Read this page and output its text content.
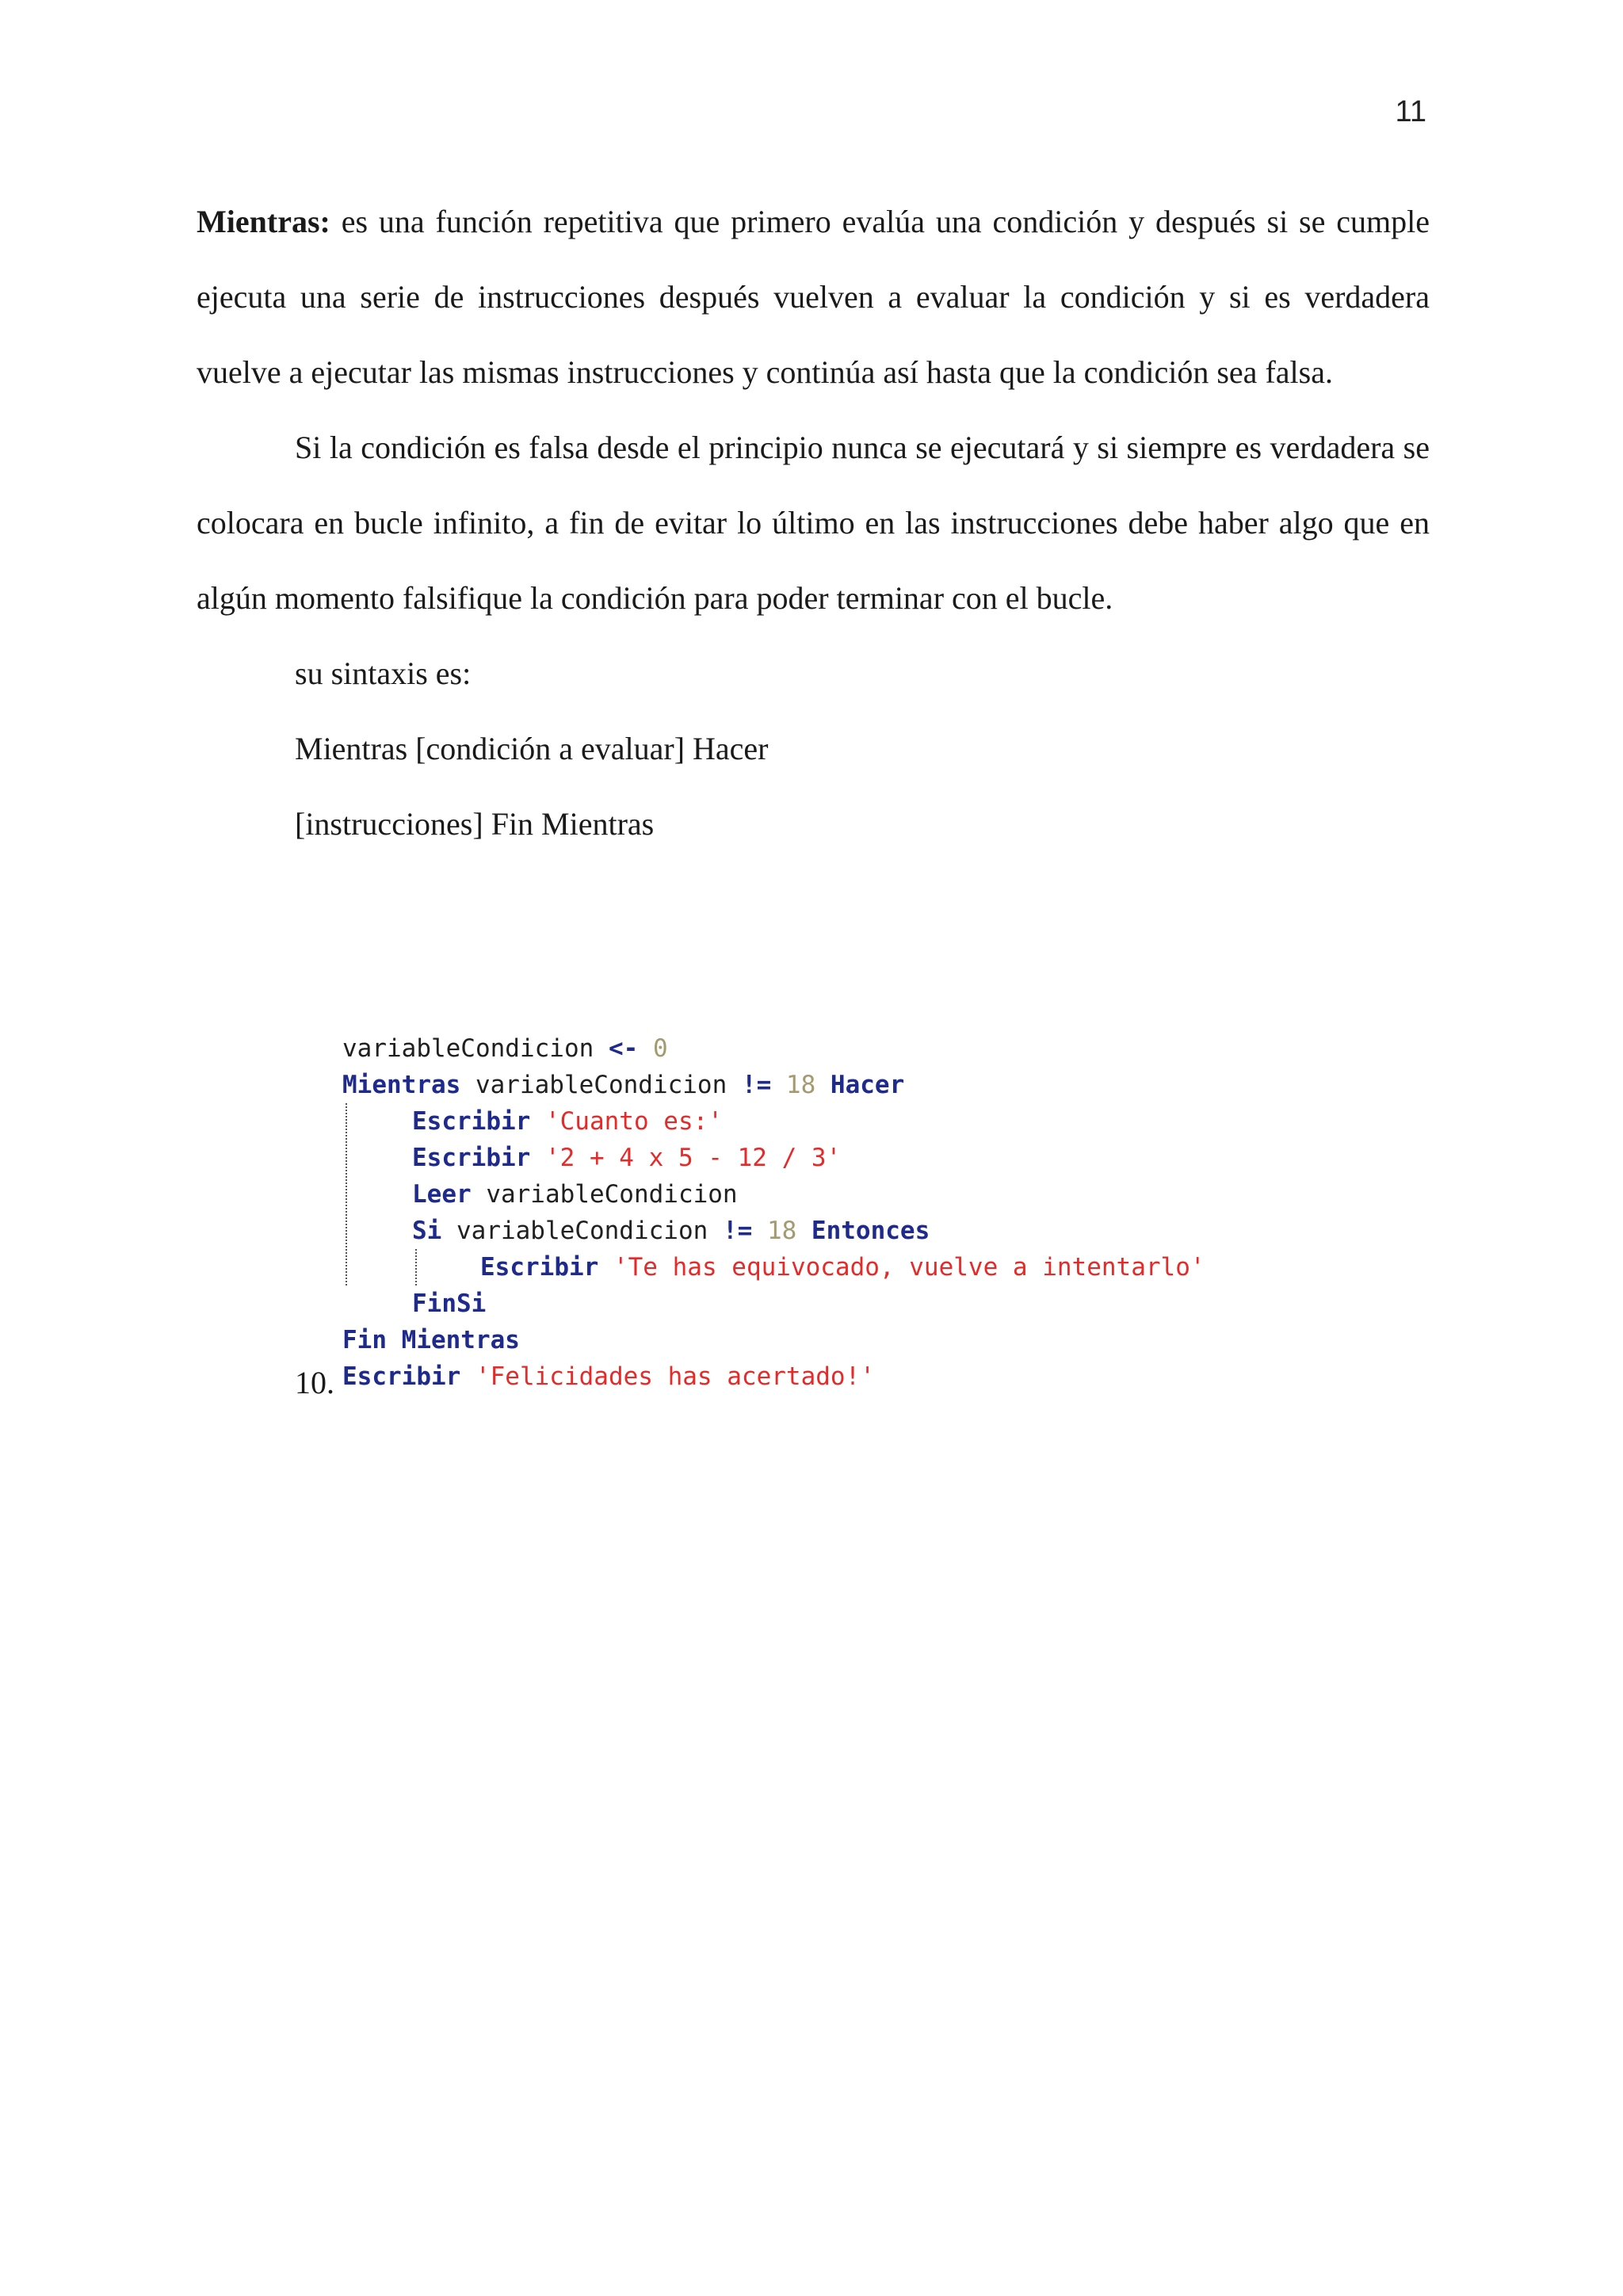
11

Mientras: es una función repetitiva que primero evalúa una condición y después si se cumple ejecuta una serie de instrucciones después vuelven a evaluar la condición y si es verdadera vuelve a ejecutar las mismas instrucciones y continúa así hasta que la condición sea falsa.

Si la condición es falsa desde el principio nunca se ejecutará y si siempre es verdadera se colocara en bucle infinito, a fin de evitar lo último en las instrucciones debe haber algo que en algún momento falsifique la condición para poder terminar con el bucle.

su sintaxis es:

Mientras [condición a evaluar] Hacer

[instrucciones] Fin Mientras

10.
variableCondicion <- 0
Mientras variableCondicion != 18 Hacer
Escribir 'Cuanto es:'
Escribir '2 + 4 x 5 - 12 / 3'
Leer variableCondicion
Si variableCondicion != 18 Entonces
Escribir 'Te has equivocado, vuelve a intentarlo'
FinSi
Fin Mientras
Escribir 'Felicidades has acertado!'
